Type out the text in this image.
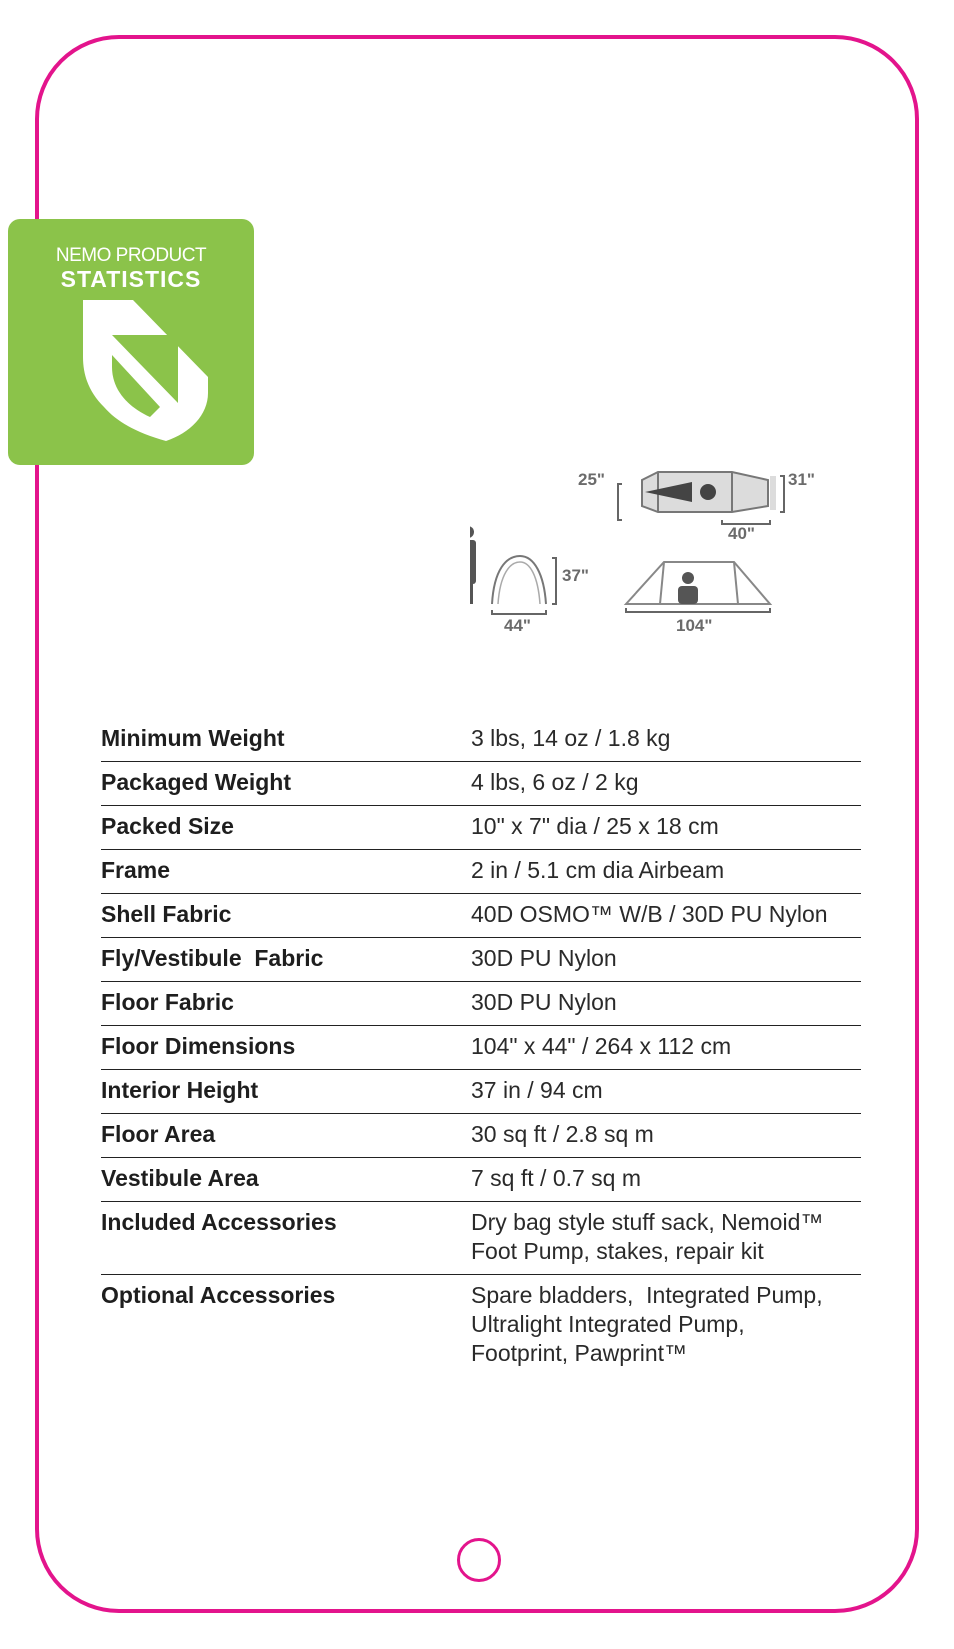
NEMO PRODUCT
STATISTICS
25"	31"
40"
37"
44"	104"
Minimum Weight	3 lbs, 14 oz / 1.8 kg
Packaged Weight	4 lbs, 6 oz / 2 kg
Packed Size	10" x 7" dia / 25 x 18 cm
Frame	2 in / 5.1 cm dia Airbeam
Shell Fabric	40D OSMO™ W/B / 30D PU Nylon
Fly/Vestibule  Fabric	30D PU Nylon
Floor Fabric	30D PU Nylon
Floor Dimensions	104" x 44" / 264 x 112 cm
Interior Height	37 in / 94 cm
Floor Area	30 sq ft / 2.8 sq m
Vestibule Area	7 sq ft / 0.7 sq m
Included Accessories	Dry bag style stuff sack, Nemoid™
Foot Pump, stakes, repair kit
Optional Accessories	Spare bladders,  Integrated Pump,
Ultralight Integrated Pump,
Footprint, Pawprint™
